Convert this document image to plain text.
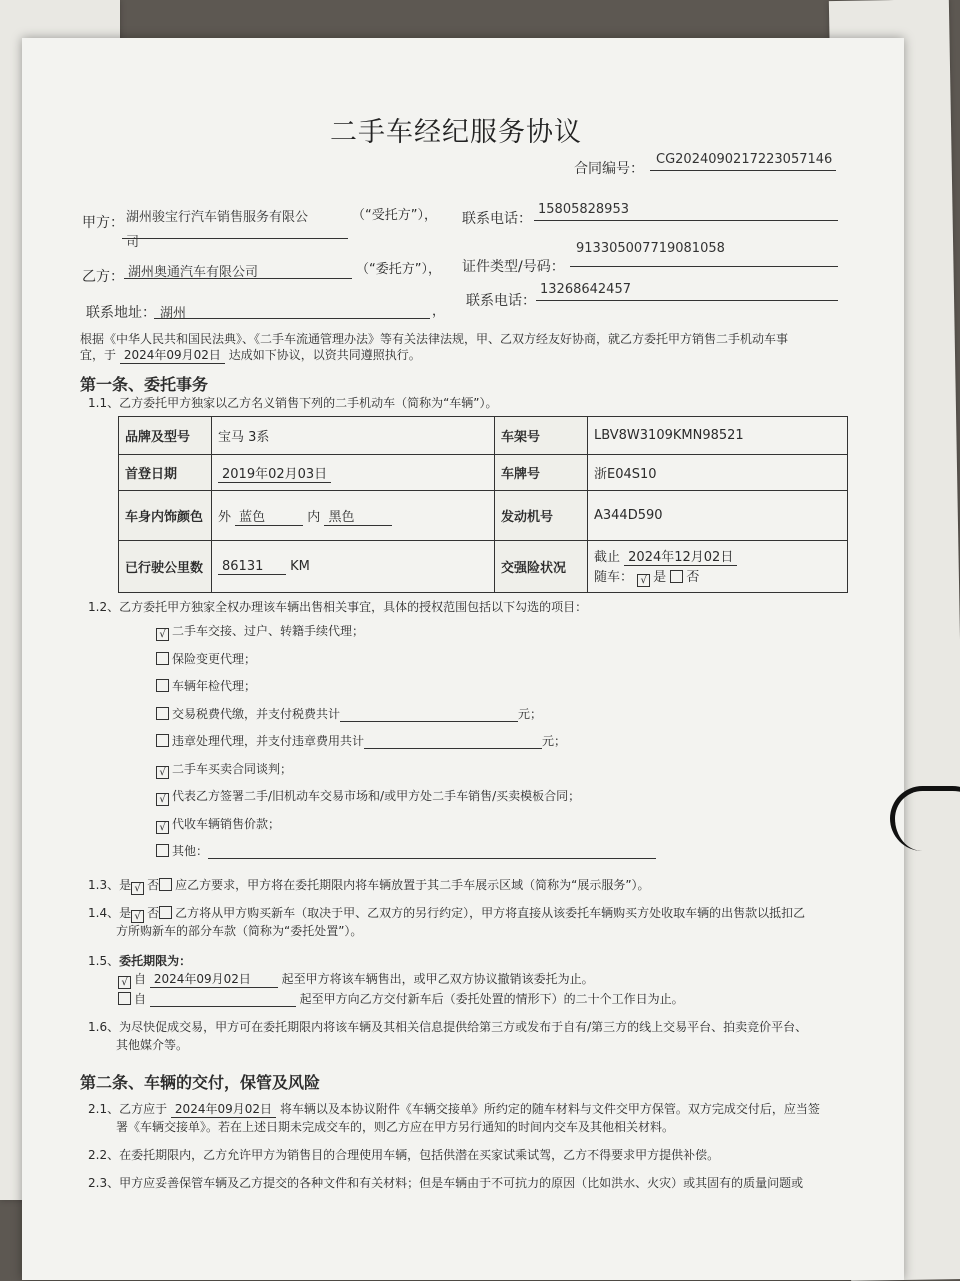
二手车经纪服务协议
合同编号：
CG20240902172230571​46
甲方： 湖州骏宝行汽车销售服务有限公
司
（“受托方”）， 联系电话：
15805828953
乙方： 湖州奥通汽车有限公司	（“委托方”）， 证件类型/号码：
913305007719081058
联系地址： 湖州	，
联系电话：
13268642457
根据《中华人民共和国民法典》、《二手车流通管理办法》等有关法律法规，甲、乙双方经友好协商，就乙方委托甲方销售二手机动车事
宜，于 2024年09月02日 达成如下协议，以资共同遵照执行。
第一条、委托事务
1.1、乙方委托甲方独家以乙方名义销售下列的二手机动车（简称为“车辆”）。
品牌及型号	宝马 3系	车架号	LBV8W3109KMN98521
首登日期	2019年02月03日	车牌号	浙E04S10
车身内饰颜色	外 蓝色 内 黑色	发动机号	A344D590
已行驶公里数	86131 KM	交强险状况	截止 2024年12月02日
随车： √ 是 否
1.2、乙方委托甲方独家全权办理该车辆出售相关事宜，具体的授权范围包括以下勾选的项目：
1.3、是 √ 否 应乙方要求，甲方将在委托期限内将车辆放置于其二手车展示区域（简称为“展示服务”）。
1.4、是 √ 否 乙方将从甲方购买新车（取决于甲、乙双方的另行约定），甲方将直接从该委托车辆购买方处收取车辆的出售款以抵扣乙
方所购新车的部分车款（简称为“委托处置”）。
1.5、委托期限为：
√ 自 2024年09月02日	起至甲方将该车辆售出，或甲乙双方协议撤销该委托为止。
自	起至甲方向乙方交付新车后（委托处置的情形下）的二十个工作日为止。
1.6、为尽快促成交易，甲方可在委托期限内将该车辆及其相关信息提供给第三方或发布于自有/第三方的线上交易平台、拍卖竞价平台、
其他媒介等。
第二条、车辆的交付，保管及风险
2.1、乙方应于 2024年09月02日 将车辆以及本协议附件《车辆交接单》所约定的随车材料与文件交甲方保管。双方完成交付后，应当签
署《车辆交接单》。若在上述日期未完成交车的，则乙方应在甲方另行通知的时间内交车及其他相关材料。
2.2、在委托期限内，乙方允许甲方为销售目的合理使用车辆，包括供潜在买家试乘试驾，乙方不得要求甲方提供补偿。
2.3、甲方应妥善保管车辆及乙方提交的各种文件和有关材料；但是车辆由于不可抗力的原因（比如洪水、火灾）或其固有的质量问题或
√ 二手车交接、过户、转籍手续代理；
保险变更代理；
车辆年检代理；
交易税费代缴，并支付税费共计	元；
违章处理代理，并支付违章费用共计	元；
√ 二手车买卖合同谈判；
√ 代表乙方签署二手/旧机动车交易市场和/或甲方处二手车销售/买卖模板合同；
√ 代收车辆销售价款；
其他：
